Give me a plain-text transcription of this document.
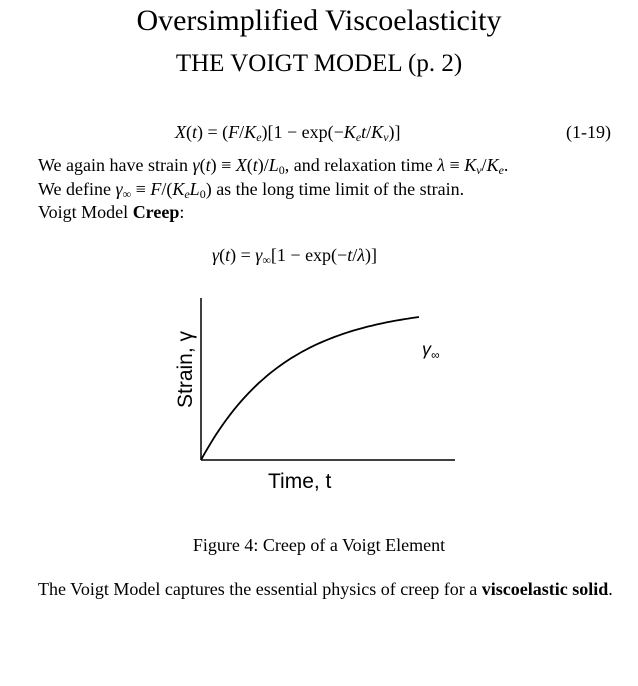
Oversimplified Viscoelasticity
THE VOIGT MODEL (p. 2)
$X(t) = (F/K_e)[1 - \exp(-K_et/K_v)]$	(1-19)
We again have strain $\gamma(t) \equiv X(t)/L_0$, and relaxation time $\lambda \equiv K_v/K_e$.
We define $\gamma_\infty \equiv F/(K_eL_0)$ as the long time limit of the strain.
Voigt Model Creep:
$\gamma(t) = \gamma_\infty[1 - \exp(-t/\lambda)]$
Strain, γ
Time, t
$\gamma_\infty$
Figure 4: Creep of a Voigt Element
The Voigt Model captures the essential physics of creep for a viscoelastic solid.
